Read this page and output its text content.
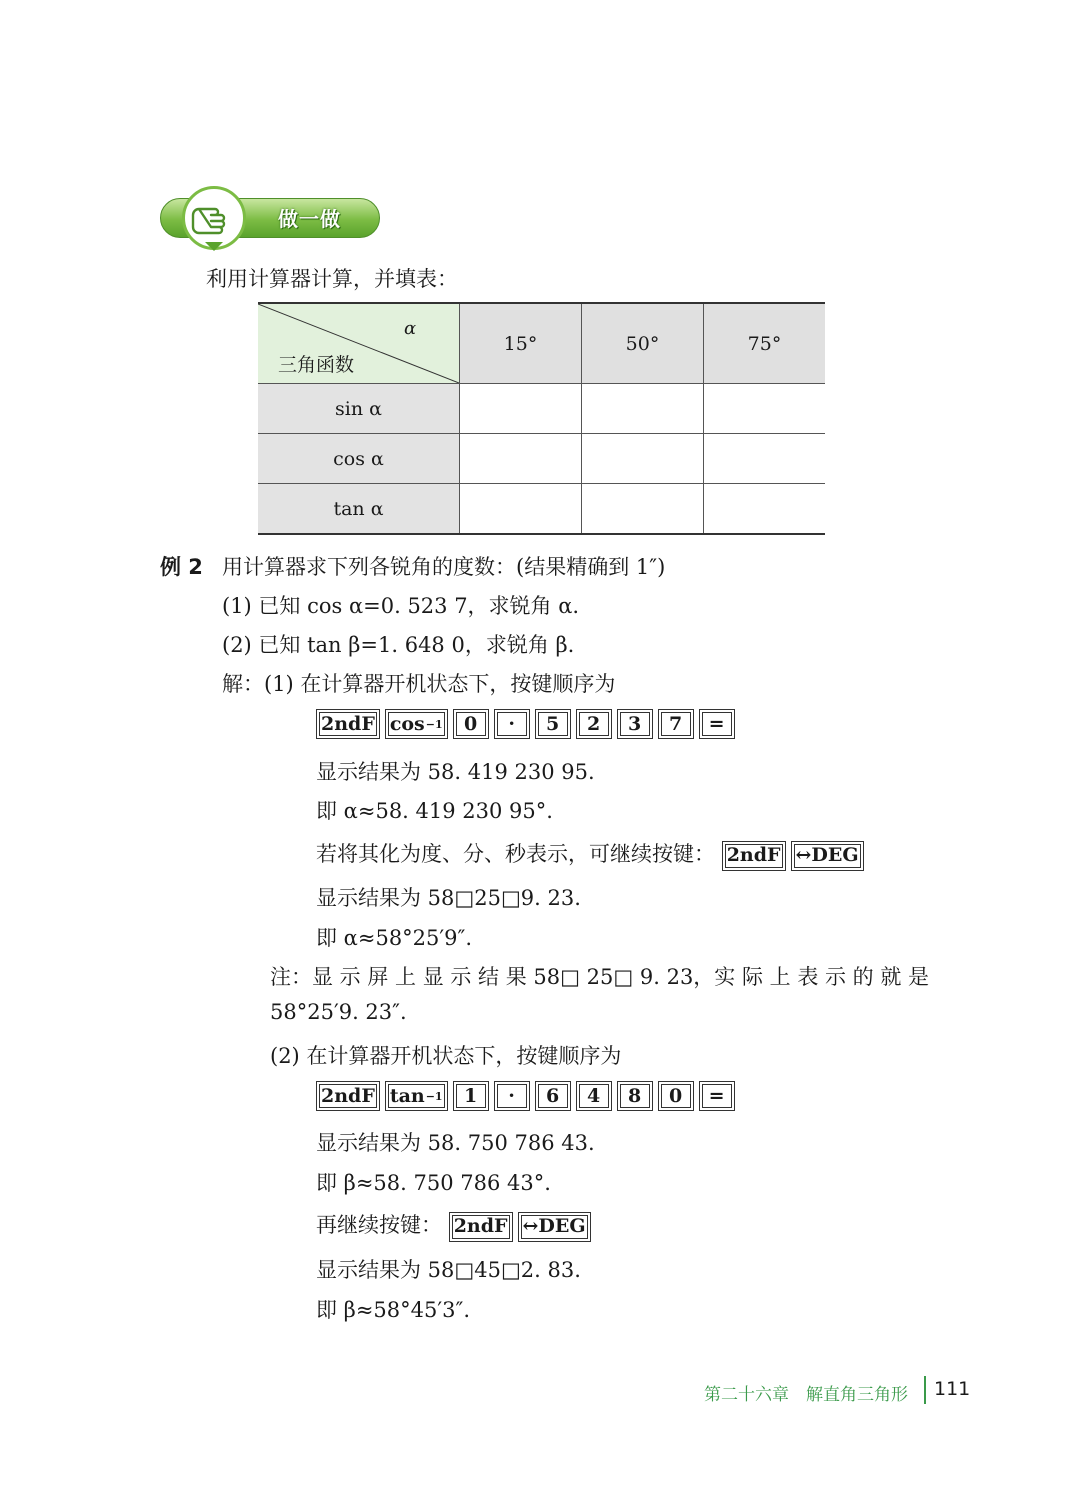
做一做
利用计算器计算，并填表：
α
三角函数	15°	50°	75°
sin α			
cos α			
tan α			
例 2 用计算器求下列各锐角的度数：(结果精确到 1″)
(1) 已知 cos α=0. 523 7，求锐角 α.
(2) 已知 tan β=1. 648 0，求锐角 β.
解：(1) 在计算器开机状态下，按键顺序为
2ndF cos −1	0	·	5	2	3	7	=
显示结果为 58. 419 230 95.
即 α≈58. 419 230 95°.
若将其化为度、分、秒表示，可继续按键： 2ndF ↔DEG
显示结果为 58□25□9. 23.
即 α≈58°25′9″.
注：显 示 屏 上 显 示 结 果 58□ 25□ 9. 23，实 际 上 表 示 的 就 是
58°25′9. 23″.
(2) 在计算器开机状态下，按键顺序为
2ndF tan −1	1	·	6	4	8	0	=
显示结果为 58. 750 786 43.
即 β≈58. 750 786 43°.
再继续按键： 2ndF ↔DEG
显示结果为 58□45□2. 83.
即 β≈58°45′3″.
第二十六章　解直角三角形 111
